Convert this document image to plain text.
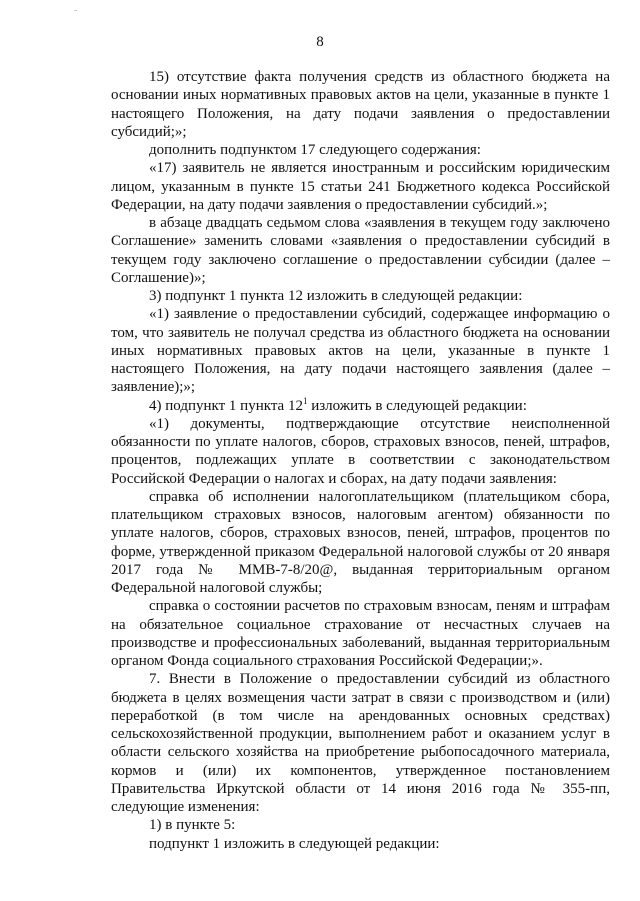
8

15) отсутствие факта получения средств из областного бюджета на основании иных нормативных правовых актов на цели, указанные в пункте 1 настоящего Положения, на дату подачи заявления о предоставлении субсидий;»;

дополнить подпунктом 17 следующего содержания:

«17) заявитель не является иностранным и российским юридическим лицом, указанным в пункте 15 статьи 241 Бюджетного кодекса Российской Федерации, на дату подачи заявления о предоставлении субсидий.»;

в абзаце двадцать седьмом слова «заявления в текущем году заключено Соглашение» заменить словами «заявления о предоставлении субсидий в текущем году заключено соглашение о предоставлении субсидии (далее – Соглашение)»;

3) подпункт 1 пункта 12 изложить в следующей редакции:

«1) заявление о предоставлении субсидий, содержащее информацию о том, что заявитель не получал средства из областного бюджета на основании иных нормативных правовых актов на цели, указанные в пункте 1 настоящего Положения, на дату подачи настоящего заявления (далее – заявление);»;

4) подпункт 1 пункта $12^1$ изложить в следующей редакции:

«1) документы, подтверждающие отсутствие неисполненной обязанности по уплате налогов, сборов, страховых взносов, пеней, штрафов, процентов, подлежащих уплате в соответствии с законодательством Российской Федерации о налогах и сборах, на дату подачи заявления:

справка об исполнении налогоплательщиком (плательщиком сбора, плательщиком страховых взносов, налоговым агентом) обязанности по уплате налогов, сборов, страховых взносов, пеней, штрафов, процентов по форме, утвержденной приказом Федеральной налоговой службы от 20 января 2017 года № ММВ-7-8/20@, выданная территориальным органом Федеральной налоговой службы;

справка о состоянии расчетов по страховым взносам, пеням и штрафам на обязательное социальное страхование от несчастных случаев на производстве и профессиональных заболеваний, выданная территориальным органом Фонда социального страхования Российской Федерации;».

7. Внести в Положение о предоставлении субсидий из областного бюджета в целях возмещения части затрат в связи с производством и (или) переработкой (в том числе на арендованных основных средствах) сельскохозяйственной продукции, выполнением работ и оказанием услуг в области сельского хозяйства на приобретение рыбопосадочного материала, кормов и (или) их компонентов, утвержденное постановлением Правительства Иркутской области от 14 июня 2016 года № 355-пп, следующие изменения:

1) в пункте 5:

подпункт 1 изложить в следующей редакции:
